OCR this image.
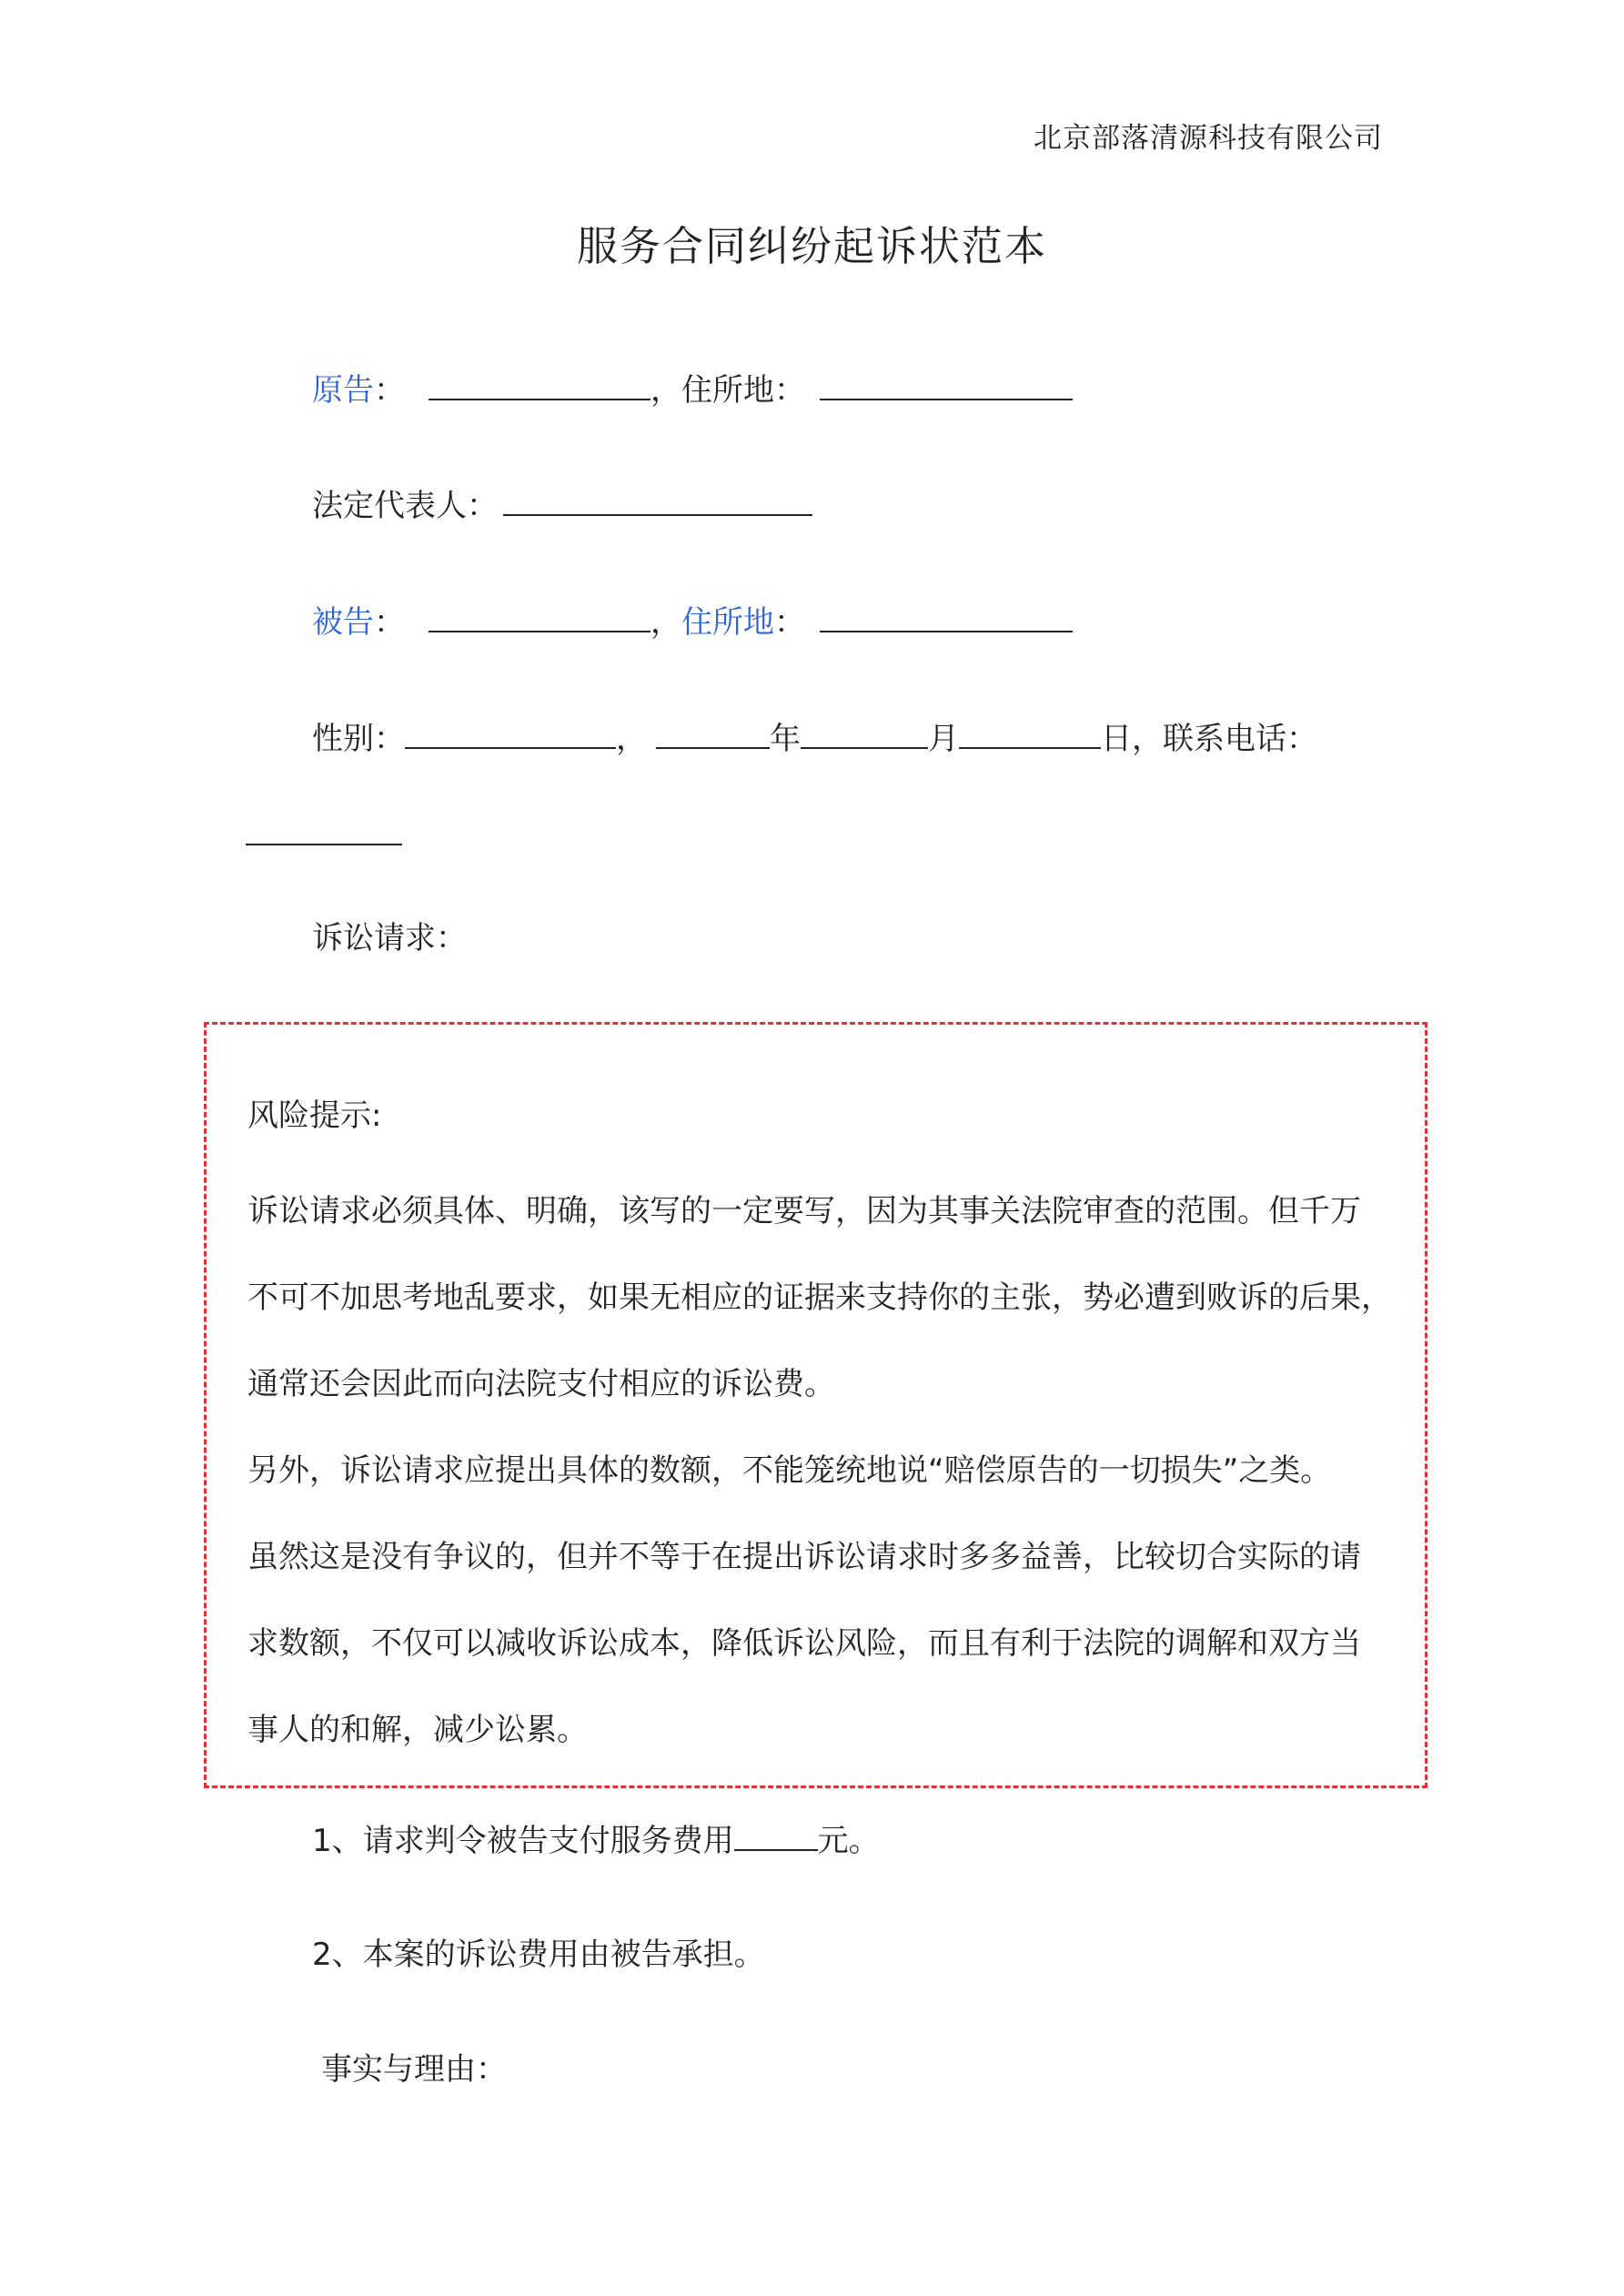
北京部落清源科技有限公司
服务合同纠纷起诉状范本
原告：	，住所地：
法定代表人：
被告：	，住所地：
性别：	，	年	月	日，联系电话：
诉讼请求：
风险提示:
诉讼请求必须具体、明确，该写的一定要写，因为其事关法院审查的范围。但千万
不可不加思考地乱要求，如果无相应的证据来支持你的主张，势必遭到败诉的后果，
通常还会因此而向法院支付相应的诉讼费。
另外，诉讼请求应提出具体的数额，不能笼统地说“赔偿原告的一切损失”之类。
虽然这是没有争议的，但并不等于在提出诉讼请求时多多益善，比较切合实际的请
求数额，不仅可以减收诉讼成本，降低诉讼风险，而且有利于法院的调解和双方当
事人的和解，减少讼累。
1、请求判令被告支付服务费用	元。
2、本案的诉讼费用由被告承担。
事实与理由：
